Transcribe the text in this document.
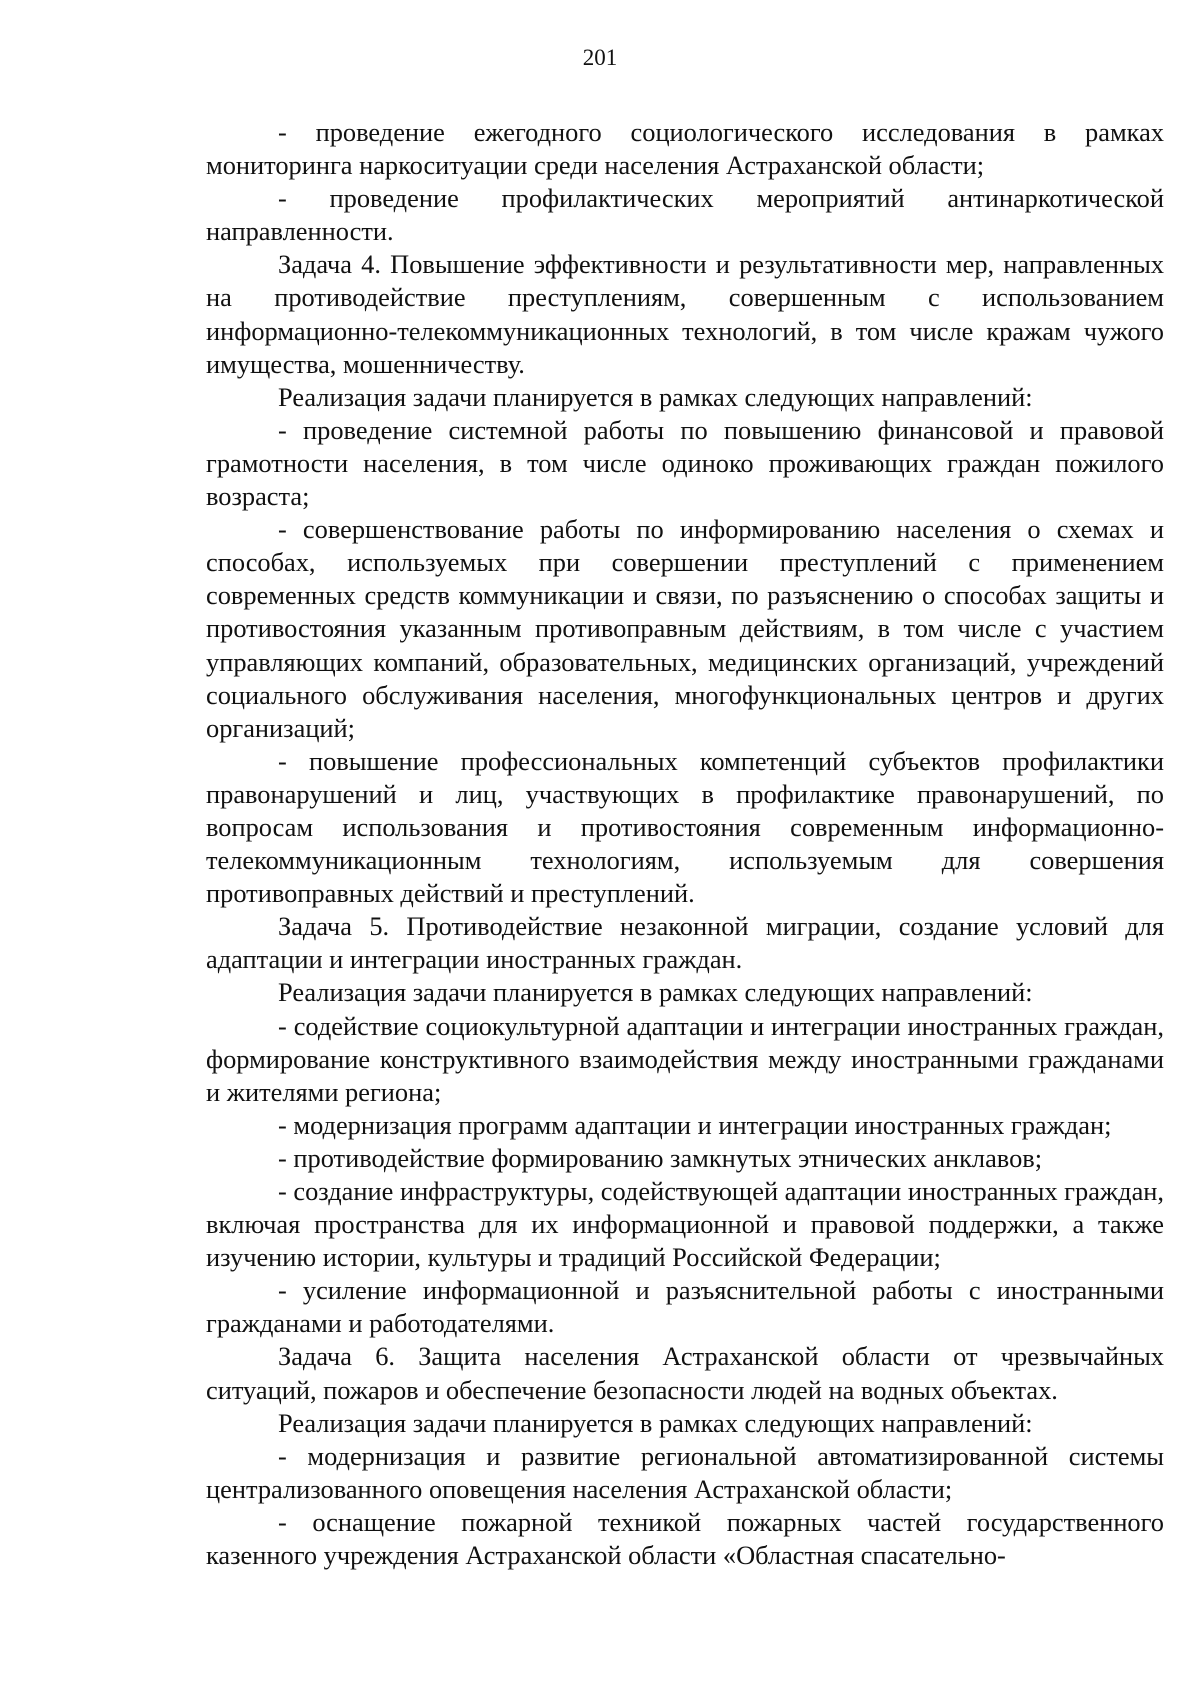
201

- проведение ежегодного социологического исследования в рамках мониторинга наркоситуации среди населения Астраханской области;

- проведение профилактических мероприятий антинаркотической направленности.

Задача 4. Повышение эффективности и результативности мер, направленных на противодействие преступлениям, совершенным с использованием информационно-телекоммуникационных технологий, в том числе кражам чужого имущества, мошенничеству.

Реализация задачи планируется в рамках следующих направлений:

- проведение системной работы по повышению финансовой и правовой грамотности населения, в том числе одиноко проживающих граждан пожилого возраста;

- совершенствование работы по информированию населения о схемах и способах, используемых при совершении преступлений с применением современных средств коммуникации и связи, по разъяснению о способах защиты и противостояния указанным противоправным действиям, в том числе с участием управляющих компаний, образовательных, медицинских организаций, учреждений социального обслуживания населения, многофункциональных центров и других организаций;

- повышение профессиональных компетенций субъектов профилактики правонарушений и лиц, участвующих в профилактике правонарушений, по вопросам использования и противостояния современным информационно-телекоммуникационным технологиям, используемым для совершения противоправных действий и преступлений.

Задача 5. Противодействие незаконной миграции, создание условий для адаптации и интеграции иностранных граждан.

Реализация задачи планируется в рамках следующих направлений:

- содействие социокультурной адаптации и интеграции иностранных граждан, формирование конструктивного взаимодействия между иностранными гражданами и жителями региона;

- модернизация программ адаптации и интеграции иностранных граждан;

- противодействие формированию замкнутых этнических анклавов;

- создание инфраструктуры, содействующей адаптации иностранных граждан, включая пространства для их информационной и правовой поддержки, а также изучению истории, культуры и традиций Российской Федерации;

- усиление информационной и разъяснительной работы с иностранными гражданами и работодателями.

Задача 6. Защита населения Астраханской области от чрезвычайных ситуаций, пожаров и обеспечение безопасности людей на водных объектах.

Реализация задачи планируется в рамках следующих направлений:

- модернизация и развитие региональной автоматизированной системы централизованного оповещения населения Астраханской области;

- оснащение пожарной техникой пожарных частей государственного казенного учреждения Астраханской области «Областная спасательно-
